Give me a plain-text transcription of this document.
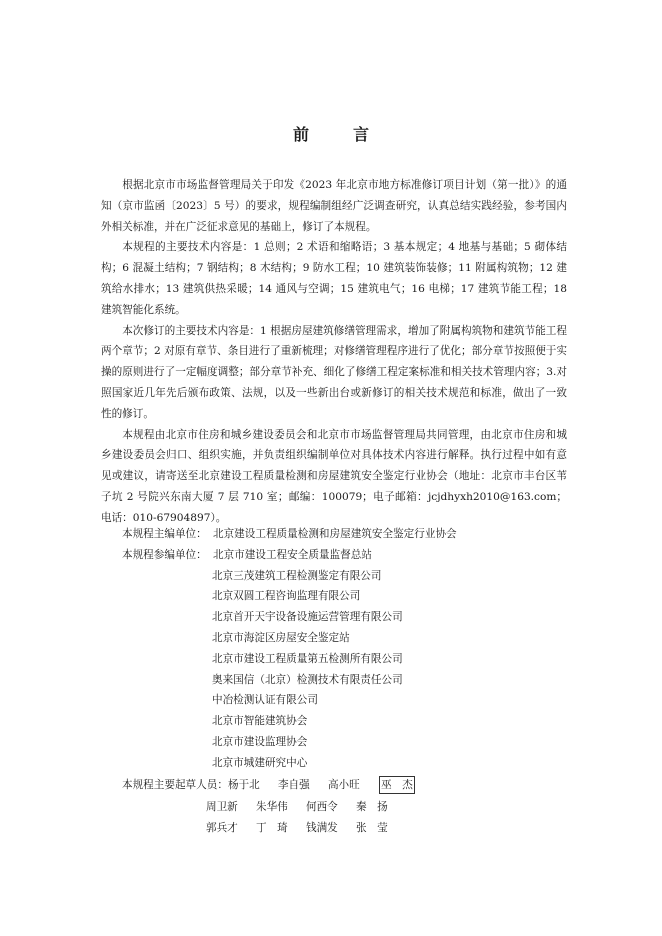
前　言

根据北京市市场监督管理局关于印发《2023 年北京市地方标准修订项目计划（第一批）》的通知（京市监函〔2023〕5 号）的要求，规程编制组经广泛调查研究，认真总结实践经验，参考国内外相关标准，并在广泛征求意见的基础上，修订了本规程。

本规程的主要技术内容是：1 总则；2 术语和缩略语；3 基本规定；4 地基与基础；5 砌体结构；6 混凝土结构；7 钢结构；8 木结构；9 防水工程；10 建筑装饰装修；11 附属构筑物；12 建筑给水排水；13 建筑供热采暖；14 通风与空调；15 建筑电气；16 电梯；17 建筑节能工程；18 建筑智能化系统。

本次修订的主要技术内容是：1 根据房屋建筑修缮管理需求，增加了附属构筑物和建筑节能工程两个章节；2 对原有章节、条目进行了重新梳理；对修缮管理程序进行了优化；部分章节按照便于实操的原则进行了一定幅度调整；部分章节补充、细化了修缮工程定案标准和相关技术管理内容；3.对照国家近几年先后颁布政策、法规，以及一些新出台或新修订的相关技术规范和标准，做出了一致性的修订。

本规程由北京市住房和城乡建设委员会和北京市市场监督管理局共同管理，由北京市住房和城乡建设委员会归口、组织实施，并负责组织编制单位对具体技术内容进行解释。执行过程中如有意见或建议，请寄送至北京建设工程质量检测和房屋建筑安全鉴定行业协会（地址：北京市丰台区苇子坑 2 号院兴东南大厦 7 层 710 室；邮编：100079；电子邮箱：jcjdhyxh2010@163.com；电话：010-67904897）。

本规程主编单位： 北京建设工程质量检测和房屋建筑安全鉴定行业协会
本规程参编单位： 北京市建设工程安全质量监督总站
北京三茂建筑工程检测鉴定有限公司
北京双圆工程咨询监理有限公司
北京首开天宇设备设施运营管理有限公司
北京市海淀区房屋安全鉴定站
北京市建设工程质量第五检测所有限公司
奥来国信（北京）检测技术有限责任公司
中冶检测认证有限公司
北京市智能建筑协会
北京市建设监理协会
北京市城建研究中心
本规程主要起草人员： 杨于北	李自强	高小旺	巫　杰
周卫新	朱华伟	何西令	秦　扬
郭兵才	丁　琦	钱满发	张　莹
